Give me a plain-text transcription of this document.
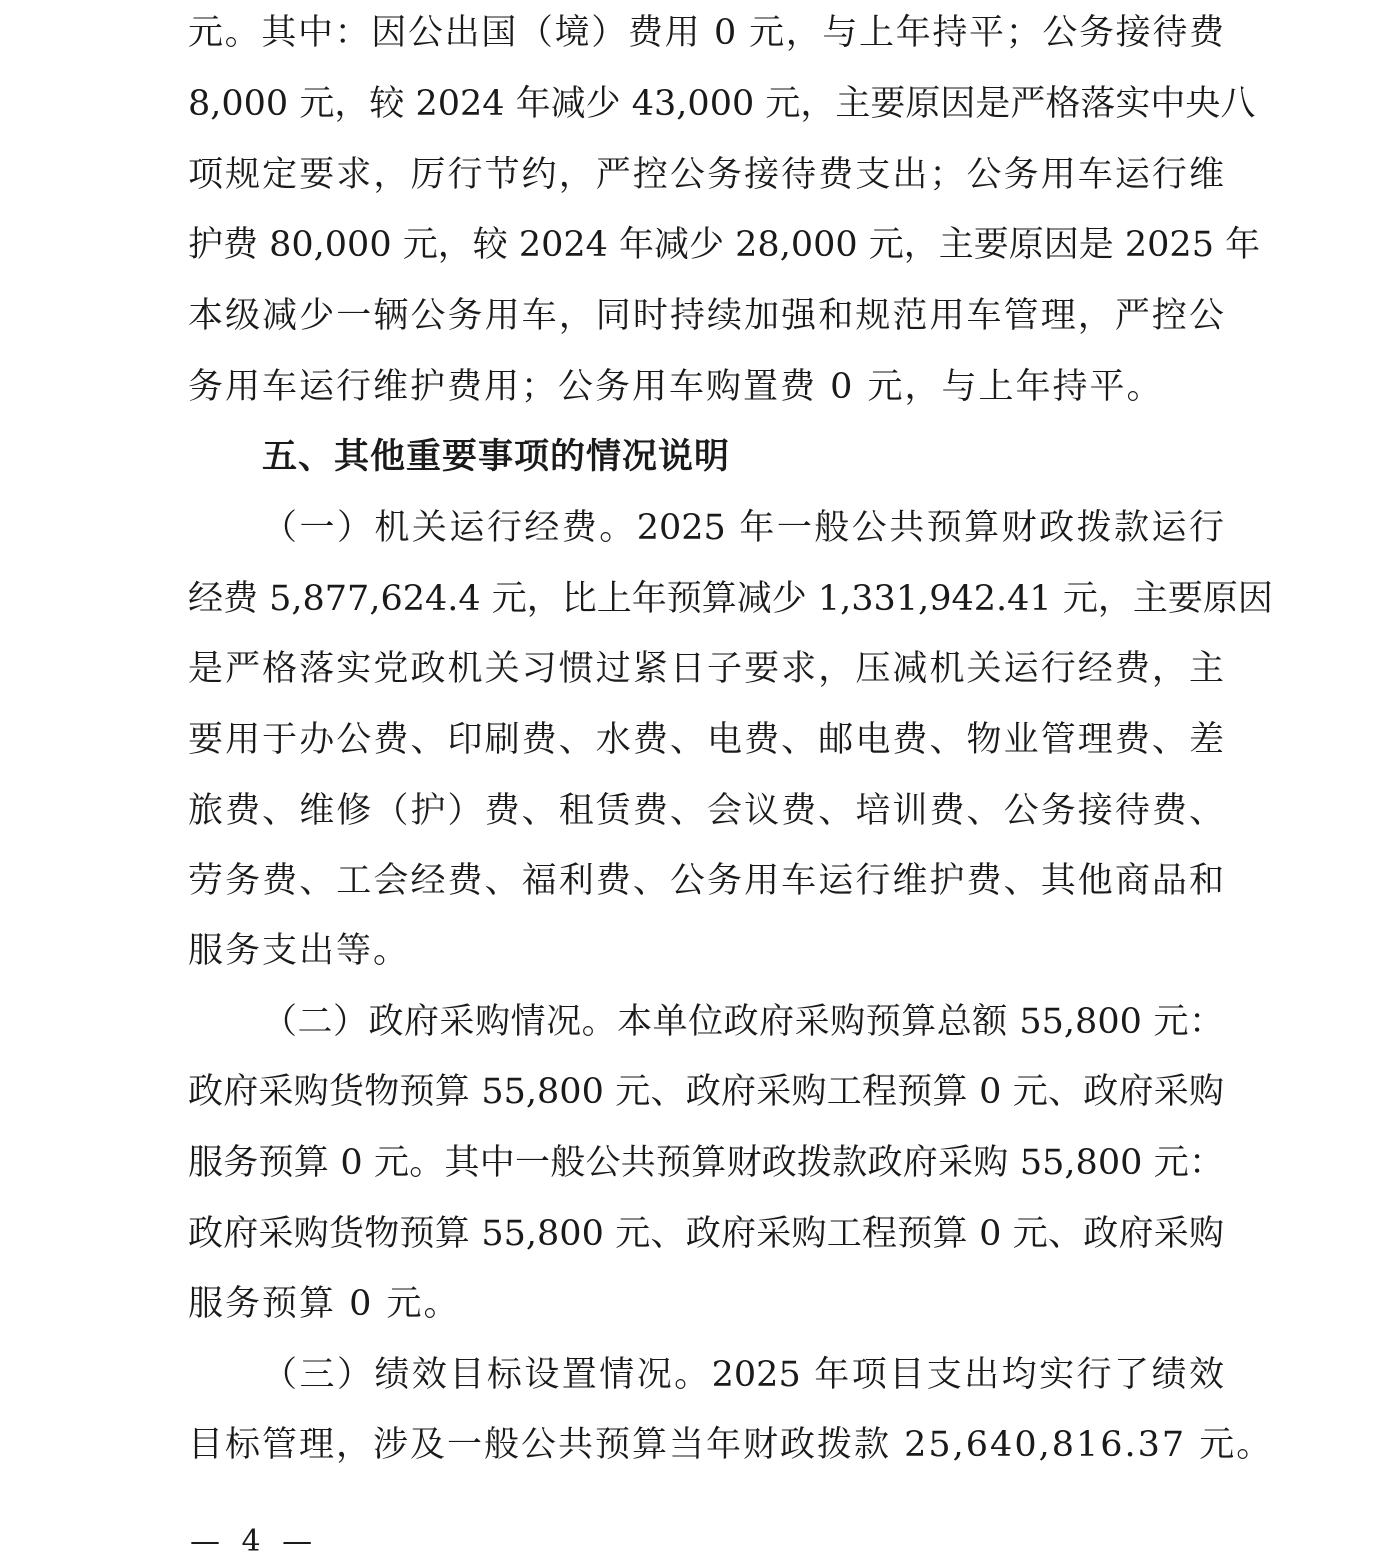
元。其中：因公出国（境）费用 0 元，与上年持平；公务接待费
8,000 元，较 2024 年减少 43,000 元，主要原因是严格落实中央八
项规定要求，厉行节约，严控公务接待费支出；公务用车运行维
护费 80,000 元，较 2024 年减少 28,000 元，主要原因是 2025 年
本级减少一辆公务用车，同时持续加强和规范用车管理，严控公
务用车运行维护费用；公务用车购置费 0 元，与上年持平。
五、其他重要事项的情况说明
（一）机关运行经费。2025 年一般公共预算财政拨款运行
经费 5,877,624.4 元，比上年预算减少 1,331,942.41 元，主要原因
是严格落实党政机关习惯过紧日子要求，压减机关运行经费，主
要用于办公费、印刷费、水费、电费、邮电费、物业管理费、差
旅费、维修（护）费、租赁费、会议费、培训费、公务接待费、
劳务费、工会经费、福利费、公务用车运行维护费、其他商品和
服务支出等。
（二）政府采购情况。本单位政府采购预算总额 55,800 元：
政府采购货物预算 55,800 元、政府采购工程预算 0 元、政府采购
服务预算 0 元。其中一般公共预算财政拨款政府采购 55,800 元：
政府采购货物预算 55,800 元、政府采购工程预算 0 元、政府采购
服务预算 0 元。
（三）绩效目标设置情况。2025 年项目支出均实行了绩效
目标管理，涉及一般公共预算当年财政拨款 25,640,816.37 元。
— 4 —
